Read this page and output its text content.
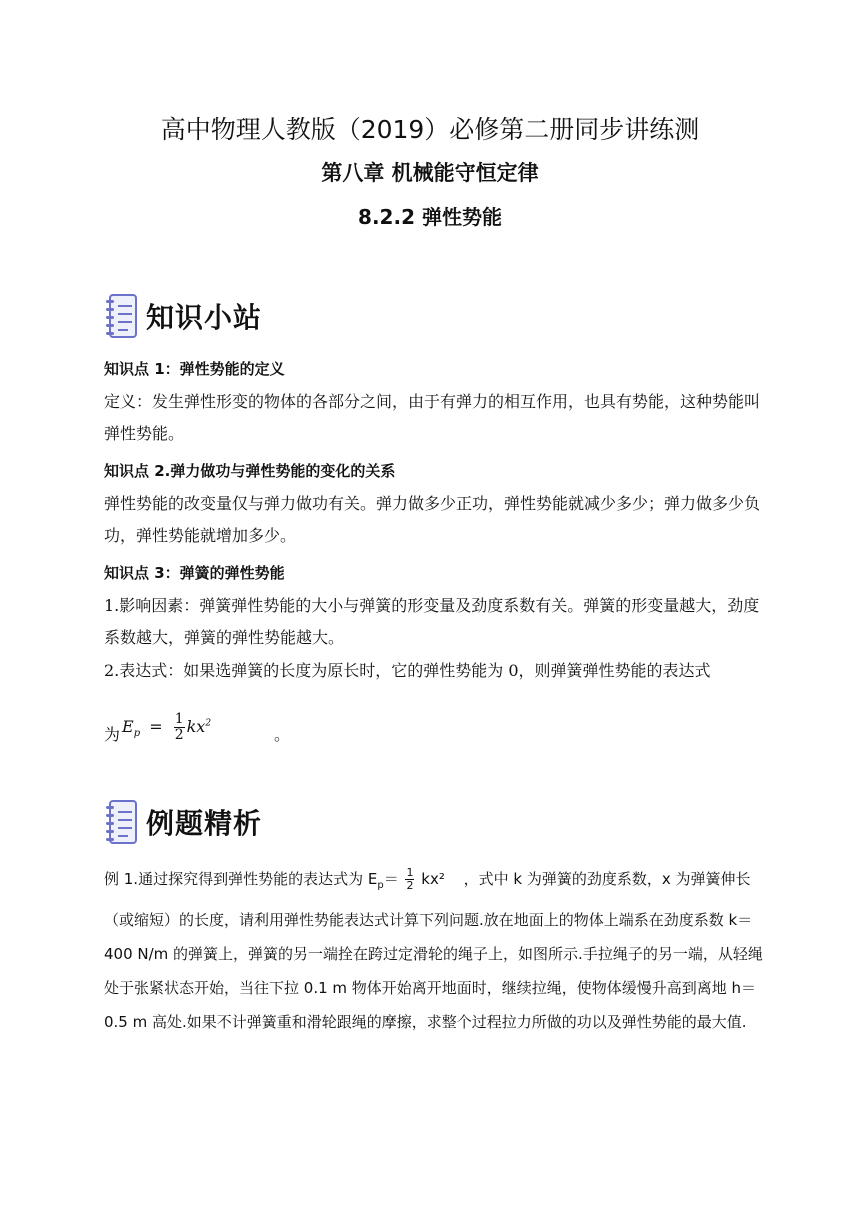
高中物理人教版（2019）必修第二册同步讲练测
第八章 机械能守恒定律
8.2.2 弹性势能
知识小站
知识点 1：弹性势能的定义
定义：发生弹性形变的物体的各部分之间，由于有弹力的相互作用，也具有势能，这种势能叫弹性势能。
知识点 2.弹力做功与弹性势能的变化的关系
弹性势能的改变量仅与弹力做功有关。弹力做多少正功，弹性势能就减少多少；弹力做多少负功，弹性势能就增加多少。
知识点 3：弹簧的弹性势能
1.影响因素：弹簧弹性势能的大小与弹簧的形变量及劲度系数有关。弹簧的形变量越大，劲度系数越大，弹簧的弹性势能越大。
2.表达式：如果选弹簧的长度为原长时，它的弹性势能为 0，则弹簧弹性势能的表达式
为 $E_p = \frac{1}{2} kx^2$
。
例题精析
例 1.通过探究得到弹性势能的表达式为 $E_p= \frac{1}{2} kx^2$ ，式中 k 为弹簧的劲度系数，x 为弹簧伸长（或缩短）的长度，请利用弹性势能表达式计算下列问题.放在地面上的物体上端系在劲度系数 k＝400 N/m 的弹簧上，弹簧的另一端拴在跨过定滑轮的绳子上，如图所示.手拉绳子的另一端，从轻绳处于张紧状态开始，当往下拉 0.1 m 物体开始离开地面时，继续拉绳，使物体缓慢升高到离地 h＝0.5 m 高处.如果不计弹簧重和滑轮跟绳的摩擦，求整个过程拉力所做的功以及弹性势能的最大值.
